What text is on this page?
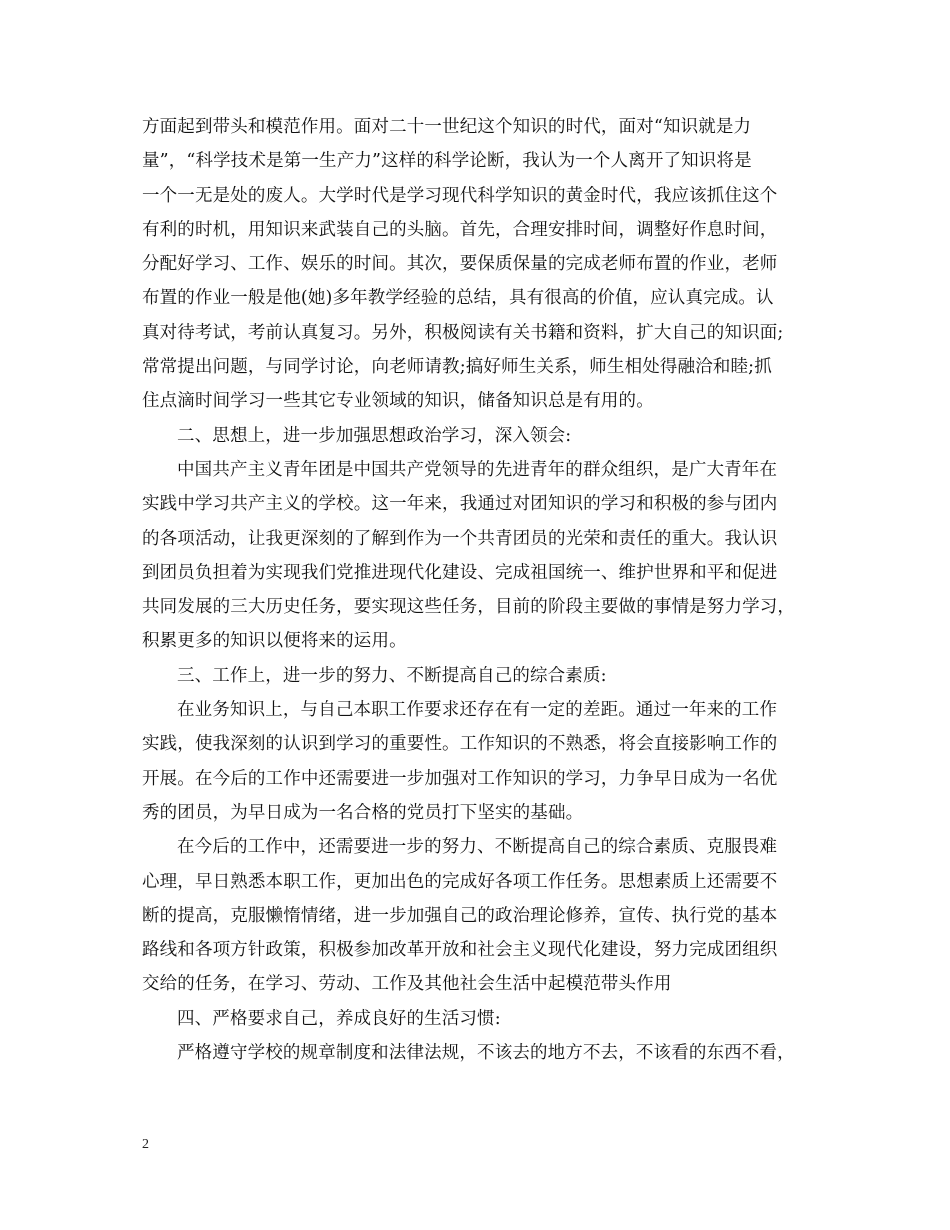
方面起到带头和模范作用。面对二十一世纪这个知识的时代，面对“知识就是力
量”，“科学技术是第一生产力”这样的科学论断，我认为一个人离开了知识将是
一个一无是处的废人。大学时代是学习现代科学知识的黄金时代，我应该抓住这个
有利的时机，用知识来武装自己的头脑。首先，合理安排时间，调整好作息时间，
分配好学习、工作、娱乐的时间。其次，要保质保量的完成老师布置的作业，老师
布置的作业一般是他(她)多年教学经验的总结，具有很高的价值，应认真完成。认
真对待考试，考前认真复习。另外，积极阅读有关书籍和资料，扩大自己的知识面;
常常提出问题，与同学讨论，向老师请教;搞好师生关系，师生相处得融洽和睦;抓
住点滴时间学习一些其它专业领域的知识，储备知识总是有用的。
二、思想上，进一步加强思想政治学习，深入领会:
中国共产主义青年团是中国共产党领导的先进青年的群众组织，是广大青年在
实践中学习共产主义的学校。这一年来，我通过对团知识的学习和积极的参与团内
的各项活动，让我更深刻的了解到作为一个共青团员的光荣和责任的重大。我认识
到团员负担着为实现我们党推进现代化建设、完成祖国统一、维护世界和平和促进
共同发展的三大历史任务，要实现这些任务，目前的阶段主要做的事情是努力学习，
积累更多的知识以便将来的运用。
三、工作上，进一步的努力、不断提高自己的综合素质:
在业务知识上，与自己本职工作要求还存在有一定的差距。通过一年来的工作
实践，使我深刻的认识到学习的重要性。工作知识的不熟悉，将会直接影响工作的
开展。在今后的工作中还需要进一步加强对工作知识的学习，力争早日成为一名优
秀的团员，为早日成为一名合格的党员打下坚实的基础。
在今后的工作中，还需要进一步的努力、不断提高自己的综合素质、克服畏难
心理，早日熟悉本职工作，更加出色的完成好各项工作任务。思想素质上还需要不
断的提高，克服懒惰情绪，进一步加强自己的政治理论修养，宣传、执行党的基本
路线和各项方针政策，积极参加改革开放和社会主义现代化建设，努力完成团组织
交给的任务，在学习、劳动、工作及其他社会生活中起模范带头作用
四、严格要求自己，养成良好的生活习惯:
严格遵守学校的规章制度和法律法规，不该去的地方不去，不该看的东西不看，
2
